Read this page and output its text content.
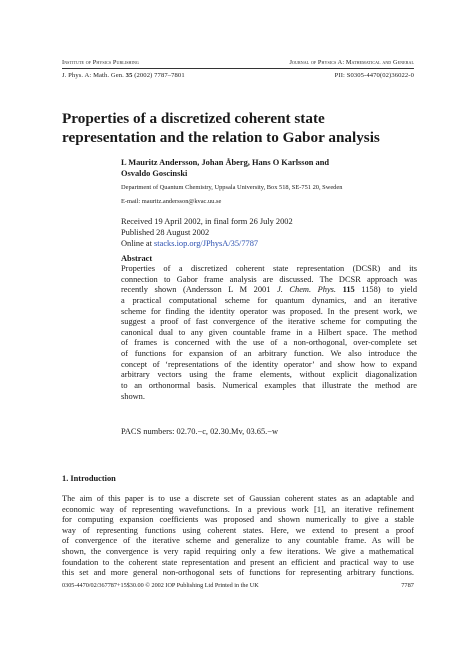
Institute of Physics Publishing	Journal of Physics A: Mathematical and General
J. Phys. A: Math. Gen. 35 (2002) 7787–7801	PII: S0305-4470(02)36022-0
Properties of a discretized coherent state
representation and the relation to Gabor analysis
L Mauritz Andersson, Johan Åberg, Hans O Karlsson and
Osvaldo Goscinski
Department of Quantum Chemistry, Uppsala University, Box 518, SE-751 20, Sweden
E-mail: mauritz.andersson@kvac.uu.se
Received 19 April 2002, in final form 26 July 2002
Published 28 August 2002
Online at stacks.iop.org/JPhysA/35/7787
Abstract
Properties of a discretized coherent state representation (DCSR) and its
connection to Gabor frame analysis are discussed. The DCSR approach was
recently shown (Andersson L M 2001 J. Chem. Phys. 115 1158) to yield
a practical computational scheme for quantum dynamics, and an iterative
scheme for finding the identity operator was proposed. In the present work, we
suggest a proof of fast convergence of the iterative scheme for computing the
canonical dual to any given countable frame in a Hilbert space. The method
of frames is concerned with the use of a non-orthogonal, over-complete set
of functions for expansion of an arbitrary function. We also introduce the
concept of ‘representations of the identity operator’ and show how to expand
arbitrary vectors using the frame elements, without explicit diagonalization
to an orthonormal basis. Numerical examples that illustrate the method are
shown.
PACS numbers: 02.70.−c, 02.30.Mv, 03.65.−w
1. Introduction
The aim of this paper is to use a discrete set of Gaussian coherent states as an adaptable and
economic way of representing wavefunctions. In a previous work [1], an iterative refinement
for computing expansion coefficients was proposed and shown numerically to give a stable
way of representing functions using coherent states. Here, we extend to present a proof
of convergence of the iterative scheme and generalize to any countable frame. As will be
shown, the convergence is very rapid requiring only a few iterations. We give a mathematical
foundation to the coherent state representation and present an efficient and practical way to use
this set and more general non-orthogonal sets of functions for representing arbitrary functions.
0305-4470/02/367787+15$30.00 © 2002 IOP Publishing Ltd Printed in the UK	7787
